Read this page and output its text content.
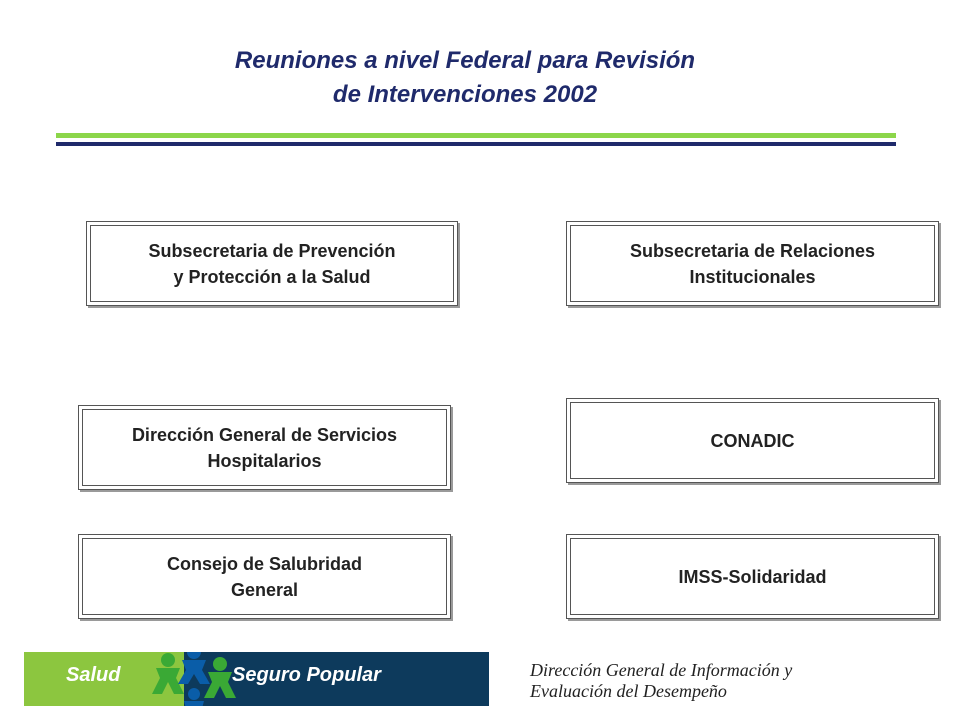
Reuniones a nivel Federal para Revisión
de Intervenciones 2002
Subsecretaria de Prevención
y Protección a la Salud
Subsecretaria de Relaciones
Institucionales
Dirección General de Servicios
Hospitalarios
CONADIC
Consejo de Salubridad
General
IMSS-Solidaridad
Salud	Seguro Popular	Dirección General de Información y
Evaluación del Desempeño
